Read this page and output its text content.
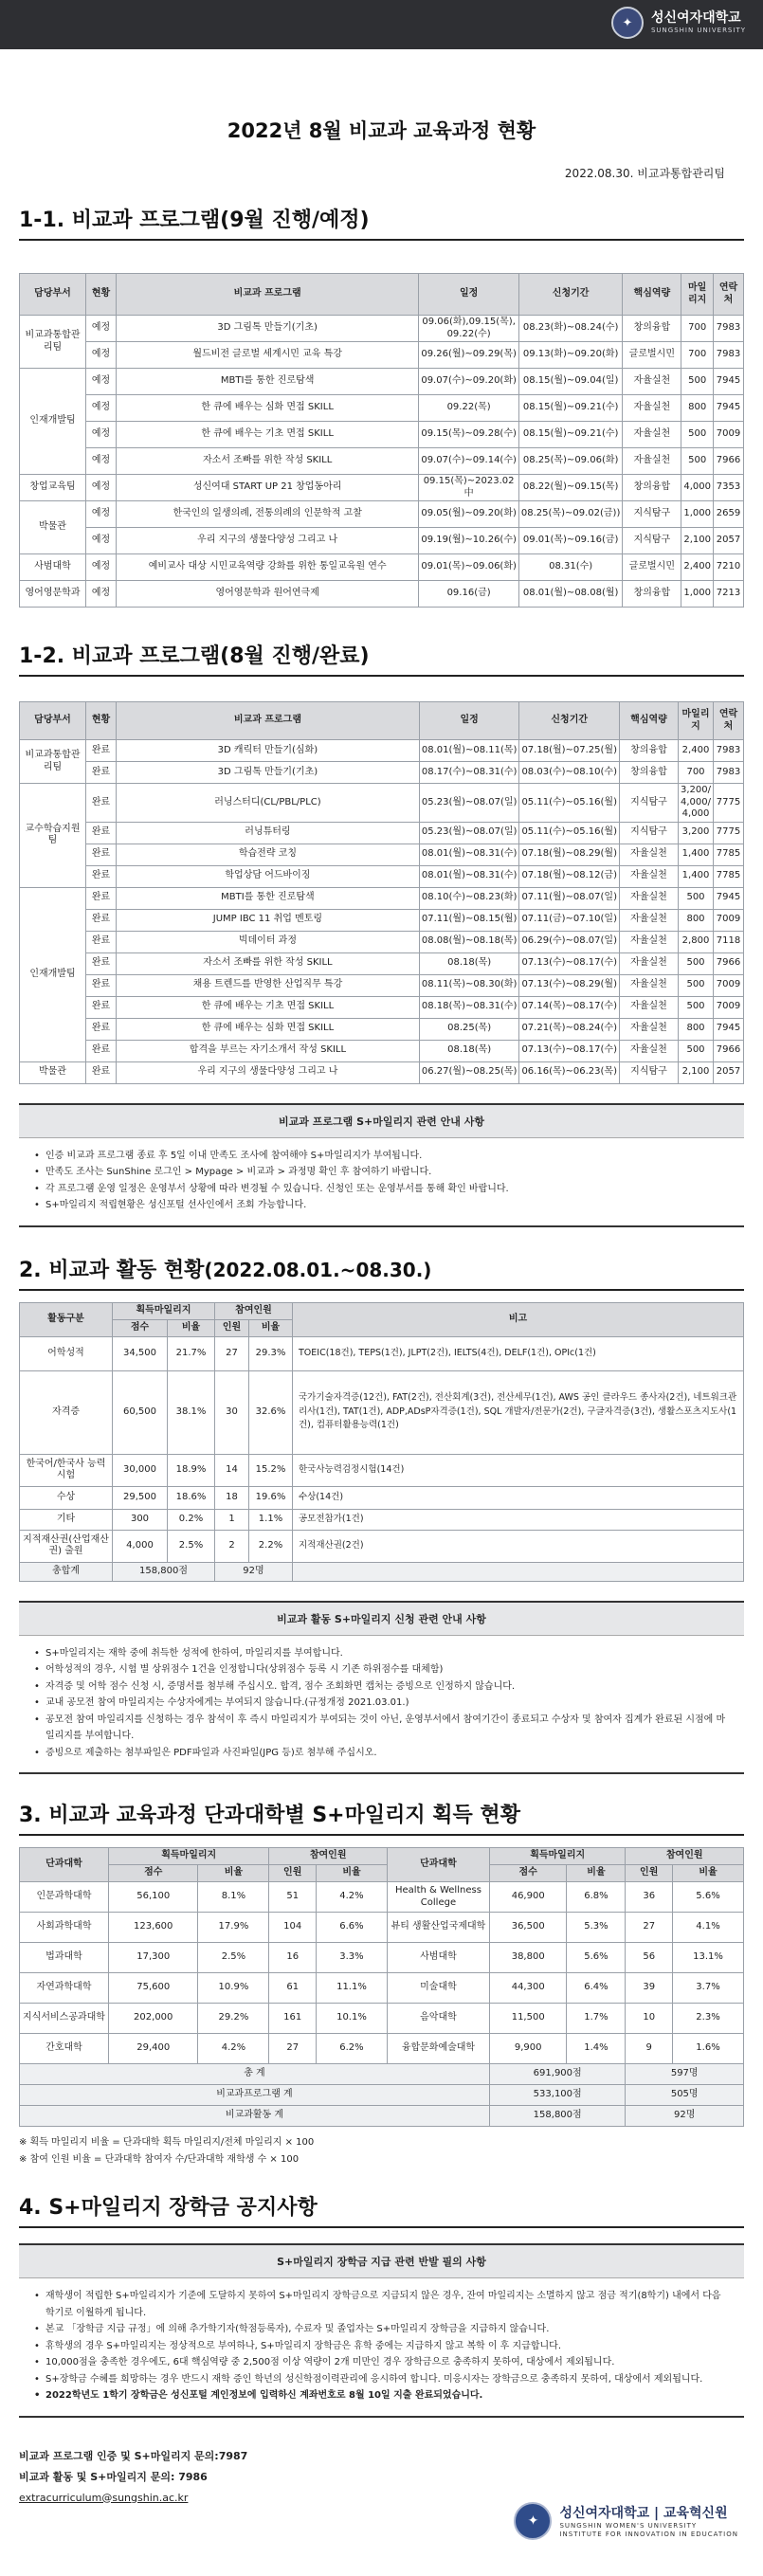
✦	성신여자대학교
SUNGSHIN UNIVERSITY
2022년 8월 비교과 교육과정 현황
2022.08.30. 비교과통합관리팀
1-1. 비교과 프로그램(9월 진행/예정)
담당부서	현황	비교과 프로그램	일정	신청기간	핵심역량	마일리지	연락처
비교과통합관리팀	예정	3D 그림톡 만들기(기초)	09.06(화),09.15(목), 09.22(수)	08.23(화)~08.24(수)	창의융합	700	7983
	예정	월드비전 글로벌 세계시민 교육 특강	09.26(월)~09.29(목)	09.13(화)~09.20(화)	글로벌시민	700	7983
인재개발팀	예정	MBTI를 통한 진로탐색	09.07(수)~09.20(화)	08.15(월)~09.04(일)	자율실천	500	7945
	예정	한 큐에 배우는 심화 면접 SKILL	09.22(목)	08.15(월)~09.21(수)	자율실천	800	7945
	예정	한 큐에 배우는 기초 면접 SKILL	09.15(목)~09.28(수)	08.15(월)~09.21(수)	자율실천	500	7009
	예정	자소서 조빠를 위한 작성 SKILL	09.07(수)~09.14(수)	08.25(목)~09.06(화)	자율실천	500	7966
창업교육팀	예정	성신여대 START UP 21 창업동아리	09.15(목)~2023.02 中	08.22(월)~09.15(목)	창의융합	4,000	7353
박물관	예정	한국인의 일생의례, 전통의례의 인문학적 고찰	09.05(월)~09.20(화)	08.25(목)~09.02(금))	지식탐구	1,000	2659
	예정	우리 지구의 생물다양성 그리고 나	09.19(월)~10.26(수)	09.01(목)~09.16(금)	지식탐구	2,100	2057
사범대학	예정	예비교사 대상 시민교육역량 강화를 위한 통일교육원 연수	09.01(목)~09.06(화)	08.31(수)	글로벌시민	2,400	7210
영어영문학과	예정	영어영문학과 원어연극제	09.16(금)	08.01(월)~08.08(월)	창의융합	1,000	7213
1-2. 비교과 프로그램(8월 진행/완료)
담당부서	현황	비교과 프로그램	일정	신청기간	핵심역량	마일리지	연락처
비교과통합관리팀	완료	3D 캐릭터 만들기(심화)	08.01(월)~08.11(목)	07.18(월)~07.25(월)	창의융합	2,400	7983
	완료	3D 그림톡 만들기(기초)	08.17(수)~08.31(수)	08.03(수)~08.10(수)	창의융합	700	7983
교수학습지원팀	완료	러닝스터디(CL/PBL/PLC)	05.23(월)~08.07(일)	05.11(수)~05.16(월)	지식탐구	3,200/ 4,000/ 4,000	7775
	완료	러닝튜터링	05.23(월)~08.07(일)	05.11(수)~05.16(월)	지식탐구	3,200	7775
	완료	학습전략 코칭	08.01(월)~08.31(수)	07.18(월)~08.29(월)	자율실천	1,400	7785
	완료	학업상담 어드바이징	08.01(월)~08.31(수)	07.18(월)~08.12(금)	자율실천	1,400	7785
인재개발팀	완료	MBTI를 통한 진로탐색	08.10(수)~08.23(화)	07.11(월)~08.07(일)	자율실천	500	7945
	완료	JUMP IBC 11 취업 멘토링	07.11(월)~08.15(월)	07.11(금)~07.10(일)	자율실천	800	7009
	완료	빅데이터 과정	08.08(월)~08.18(목)	06.29(수)~08.07(일)	자율실천	2,800	7118
	완료	자소서 조빠를 위한 작성 SKILL	08.18(목)	07.13(수)~08.17(수)	자율실천	500	7966
	완료	채용 트렌드를 반영한 산업직무 특강	08.11(목)~08.30(화)	07.13(수)~08.29(월)	자율실천	500	7009
	완료	한 큐에 배우는 기초 면접 SKILL	08.18(목)~08.31(수)	07.14(목)~08.17(수)	자율실천	500	7009
	완료	한 큐에 배우는 심화 면접 SKILL	08.25(목)	07.21(목)~08.24(수)	자율실천	800	7945
	완료	합격을 부르는 자기소개서 작성 SKILL	08.18(목)	07.13(수)~08.17(수)	자율실천	500	7966
박물관	완료	우리 지구의 생물다양성 그리고 나	06.27(월)~08.25(목)	06.16(목)~06.23(목)	지식탐구	2,100	2057
비교과 프로그램 S+마일리지 관련 안내 사항
• 인증 비교과 프로그램 종료 후 5일 이내 만족도 조사에 참여해야 S+마일리지가 부여됩니다.
• 만족도 조사는 SunShine 로그인 > Mypage > 비교과 > 과정명 확인 후 참여하기 바랍니다.
• 각 프로그램 운영 일정은 운영부서 상황에 따라 변경될 수 있습니다. 신청인 또는 운영부서를 통해 확인 바랍니다.
• S+마일리지 적립현황은 성신포털 선사인에서 조회 가능합니다.
2. 비교과 활동 현황(2022.08.01.~08.30.)
활동구분	획득마일리지		참여인원		비고
	점수	비율	인원	비율	
어학성적	34,500	21.7%	27	29.3%	TOEIC(18건), TEPS(1건), JLPT(2건), IELTS(4건), DELF(1건), OPIc(1건)
자격증	60,500	38.1%	30	32.6%	국가기술자격증(12건), FAT(2건), 전산회계(3건), 전산세무(1건), AWS 공인 클라우드 종사자(2건), 네트워크관리사(1건), TAT(1건), ADP,ADsP자격증(1건), SQL 개발자/전문가(2건), 구글자격증(3건), 생활스포츠지도사(1건), 컴퓨터활용능력(1건)
한국어/한국사 능력시험	30,000	18.9%	14	15.2%	한국사능력검정시험(14건)
수상	29,500	18.6%	18	19.6%	수상(14건)
기타	300	0.2%	1	1.1%	공모전참가(1건)
지적재산권(산업재산권) 출원	4,000	2.5%	2	2.2%	지적재산권(2건)
총합계	158,800점		92명		
비교과 활동 S+마일리지 신청 관련 안내 사항
• S+마일리지는 재학 중에 취득한 성적에 한하여, 마일리지를 부여합니다.
• 어학성적의 경우, 시험 별 상위점수 1건을 인정합니다(상위점수 등록 시 기존 하위점수를 대체함)
• 자격증 및 어학 점수 신청 시, 증명서를 첨부해 주십시오. 합격, 점수 조회화면 캡처는 증빙으로 인정하지 않습니다.
• 교내 공모전 참여 마일리지는 수상자에게는 부여되지 않습니다.(규정개정 2021.03.01.)
• 공모전 참여 마일리지를 신청하는 경우 참석이 후 즉시 마일리지가 부여되는 것이 아닌, 운영부서에서 참여기간이 종료되고 수상자 및 참여자 집계가 완료된 시점에 마일리지를 부여합니다.
• 증빙으로 제출하는 첨부파일은 PDF파일과 사진파일(JPG 등)로 첨부해 주십시오.
3. 비교과 교육과정 단과대학별 S+마일리지 획득 현황
단과대학	획득마일리지		참여인원		단과대학	획득마일리지		참여인원	
	점수	비율	인원	비율		점수	비율	인원	비율
인문과학대학	56,100	8.1%	51	4.2%	Health & Wellness College	46,900	6.8%	36	5.6%
사회과학대학	123,600	17.9%	104	6.6%	뷰티 생활산업국제대학	36,500	5.3%	27	4.1%
법과대학	17,300	2.5%	16	3.3%	사범대학	38,800	5.6%	56	13.1%
자연과학대학	75,600	10.9%	61	11.1%	미술대학	44,300	6.4%	39	3.7%
지식서비스공과대학	202,000	29.2%	161	10.1%	음악대학	11,500	1.7%	10	2.3%
간호대학	29,400	4.2%	27	6.2%	융합문화예술대학	9,900	1.4%	9	1.6%
총 계						691,900점		597명	
비교과프로그램 계						533,100점		505명	
비교과활동 계						158,800점		92명	
※ 획득 마일리지 비율 = 단과대학 획득 마일리지/전체 마일리지 × 100
※ 참여 인원 비율 = 단과대학 참여자 수/단과대학 재학생 수 × 100
4. S+마일리지 장학금 공지사항
S+마일리지 장학금 지급 관련 반발 필의 사항
• 재학생이 적립한 S+마일리지가 기준에 도달하지 못하여 S+마일리지 장학금으로 지급되지 않은 경우, 잔여 마일리지는 소멸하지 않고 점금 적기(8학기) 내에서 다음 학기로 이월하게 됩니다.
• 본교 「장학금 지급 규정」에 의해 추가학기자(학점등록자), 수료자 및 졸업자는 S+마일리지 장학금을 지급하지 않습니다.
• 휴학생의 경우 S+마일리지는 정상적으로 부여하나, S+마일리지 장학금은 휴학 중에는 지급하지 않고 복학 이 후 지급합니다.
• 10,000점을 충족한 경우에도, 6대 핵심역량 중 2,500점 이상 역량이 2개 미만인 경우 장학금으로 충족하지 못하여, 대상에서 제외됩니다.
• S+장학금 수혜를 희망하는 경우 반드시 재학 증인 학년의 성신학점이력관리에 응시하여 합니다. 미응시자는 장학금으로 충족하지 못하여, 대상에서 제외됩니다.
• 2022학년도 1학기 장학금은 성신포털 계인정보에 입력하신 계좌번호로 8월 10일 지출 완료되었습니다.
비교과 프로그램 인증 및 S+마일리지 문의:7987
비교과 활동 및 S+마일리지 문의: 7986
extracurriculum@sungshin.ac.kr
✦
성신여자대학교 | 교육혁신원
SUNGSHIN WOMEN'S UNIVERSITY
INSTITUTE FOR INNOVATION IN EDUCATION
